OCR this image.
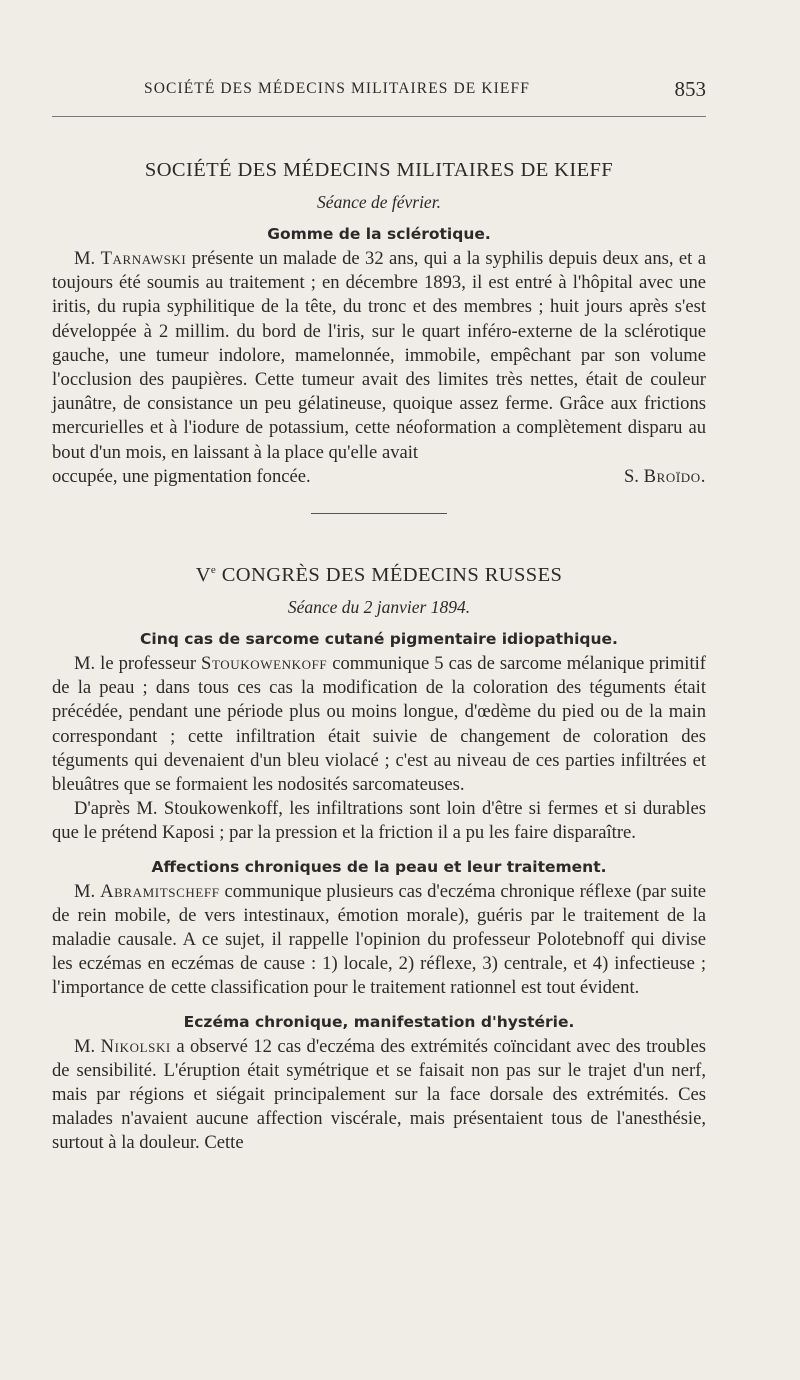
SOCIÉTÉ DES MÉDECINS MILITAIRES DE KIEFF	853
SOCIÉTÉ DES MÉDECINS MILITAIRES DE KIEFF
Séance de février.
Gomme de la sclérotique.

M. Tarnawski présente un malade de 32 ans, qui a la syphilis depuis deux ans, et a toujours été soumis au traitement ; en décembre 1893, il est entré à l'hôpital avec une iritis, du rupia syphilitique de la tête, du tronc et des membres ; huit jours après s'est développée à 2 millim. du bord de l'iris, sur le quart inféro-externe de la sclérotique gauche, une tumeur indolore, mamelonnée, immobile, empêchant par son volume l'occlusion des paupières. Cette tumeur avait des limites très nettes, était de couleur jaunâtre, de consistance un peu gélatineuse, quoique assez ferme. Grâce aux frictions mercurielles et à l'iodure de potassium, cette néoformation a complètement disparu au bout d'un mois, en laissant à la place qu'elle avait

occupée, une pigmentation foncée.	S. Broïdo.
Ve CONGRÈS DES MÉDECINS RUSSES
Séance du 2 janvier 1894.
Cinq cas de sarcome cutané pigmentaire idiopathique.

M. le professeur Stoukowenkoff communique 5 cas de sarcome mélanique primitif de la peau ; dans tous ces cas la modification de la coloration des téguments était précédée, pendant une période plus ou moins longue, d'œdème du pied ou de la main correspondant ; cette infiltration était suivie de changement de coloration des téguments qui devenaient d'un bleu violacé ; c'est au niveau de ces parties infiltrées et bleuâtres que se formaient les nodosités sarcomateuses.

D'après M. Stoukowenkoff, les infiltrations sont loin d'être si fermes et si durables que le prétend Kaposi ; par la pression et la friction il a pu les faire disparaître.

Affections chroniques de la peau et leur traitement.

M. Abramitscheff communique plusieurs cas d'eczéma chronique réflexe (par suite de rein mobile, de vers intestinaux, émotion morale), guéris par le traitement de la maladie causale. A ce sujet, il rappelle l'opinion du professeur Polotebnoff qui divise les eczémas en eczémas de cause : 1) locale, 2) réflexe, 3) centrale, et 4) infectieuse ; l'importance de cette classification pour le traitement rationnel est tout évident.

Eczéma chronique, manifestation d'hystérie.

M. Nikolski a observé 12 cas d'eczéma des extrémités coïncidant avec des troubles de sensibilité. L'éruption était symétrique et se faisait non pas sur le trajet d'un nerf, mais par régions et siégait principalement sur la face dorsale des extrémités. Ces malades n'avaient aucune affection viscérale, mais présentaient tous de l'anesthésie, surtout à la douleur. Cette
